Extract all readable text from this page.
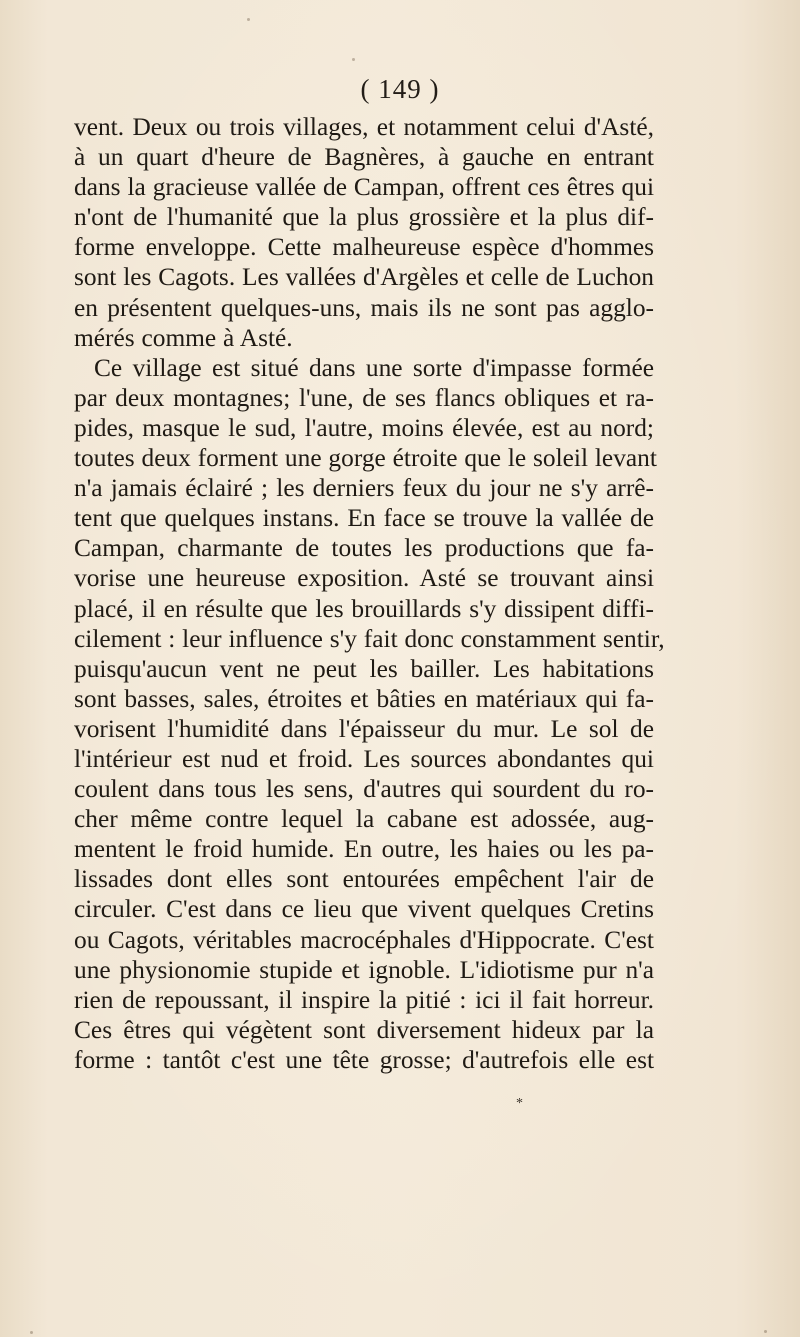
( 149 )
vent. Deux ou trois villages, et notamment celui d'Asté,
à un quart d'heure de Bagnères, à gauche en entrant
dans la gracieuse vallée de Campan, offrent ces êtres qui
n'ont de l'humanité que la plus grossière et la plus dif-
forme enveloppe. Cette malheureuse espèce d'hommes
sont les Cagots. Les vallées d'Argèles et celle de Luchon
en présentent quelques-uns, mais ils ne sont pas agglo-
mérés comme à Asté.
Ce village est situé dans une sorte d'impasse formée
par deux montagnes; l'une, de ses flancs obliques et ra-
pides, masque le sud, l'autre, moins élevée, est au nord;
toutes deux forment une gorge étroite que le soleil levant
n'a jamais éclairé ; les derniers feux du jour ne s'y arrê-
tent que quelques instans. En face se trouve la vallée de
Campan, charmante de toutes les productions que fa-
vorise une heureuse exposition. Asté se trouvant ainsi
placé, il en résulte que les brouillards s'y dissipent diffi-
cilement : leur influence s'y fait donc constamment sentir,
puisqu'aucun vent ne peut les bailler. Les habitations
sont basses, sales, étroites et bâties en matériaux qui fa-
vorisent l'humidité dans l'épaisseur du mur. Le sol de
l'intérieur est nud et froid. Les sources abondantes qui
coulent dans tous les sens, d'autres qui sourdent du ro-
cher même contre lequel la cabane est adossée, aug-
mentent le froid humide. En outre, les haies ou les pa-
lissades dont elles sont entourées empêchent l'air de
circuler. C'est dans ce lieu que vivent quelques Cretins
ou Cagots, véritables macrocéphales d'Hippocrate. C'est
une physionomie stupide et ignoble. L'idiotisme pur n'a
rien de repoussant, il inspire la pitié : ici il fait horreur.
Ces êtres qui végètent sont diversement hideux par la
forme : tantôt c'est une tête grosse; d'autrefois elle est
*
